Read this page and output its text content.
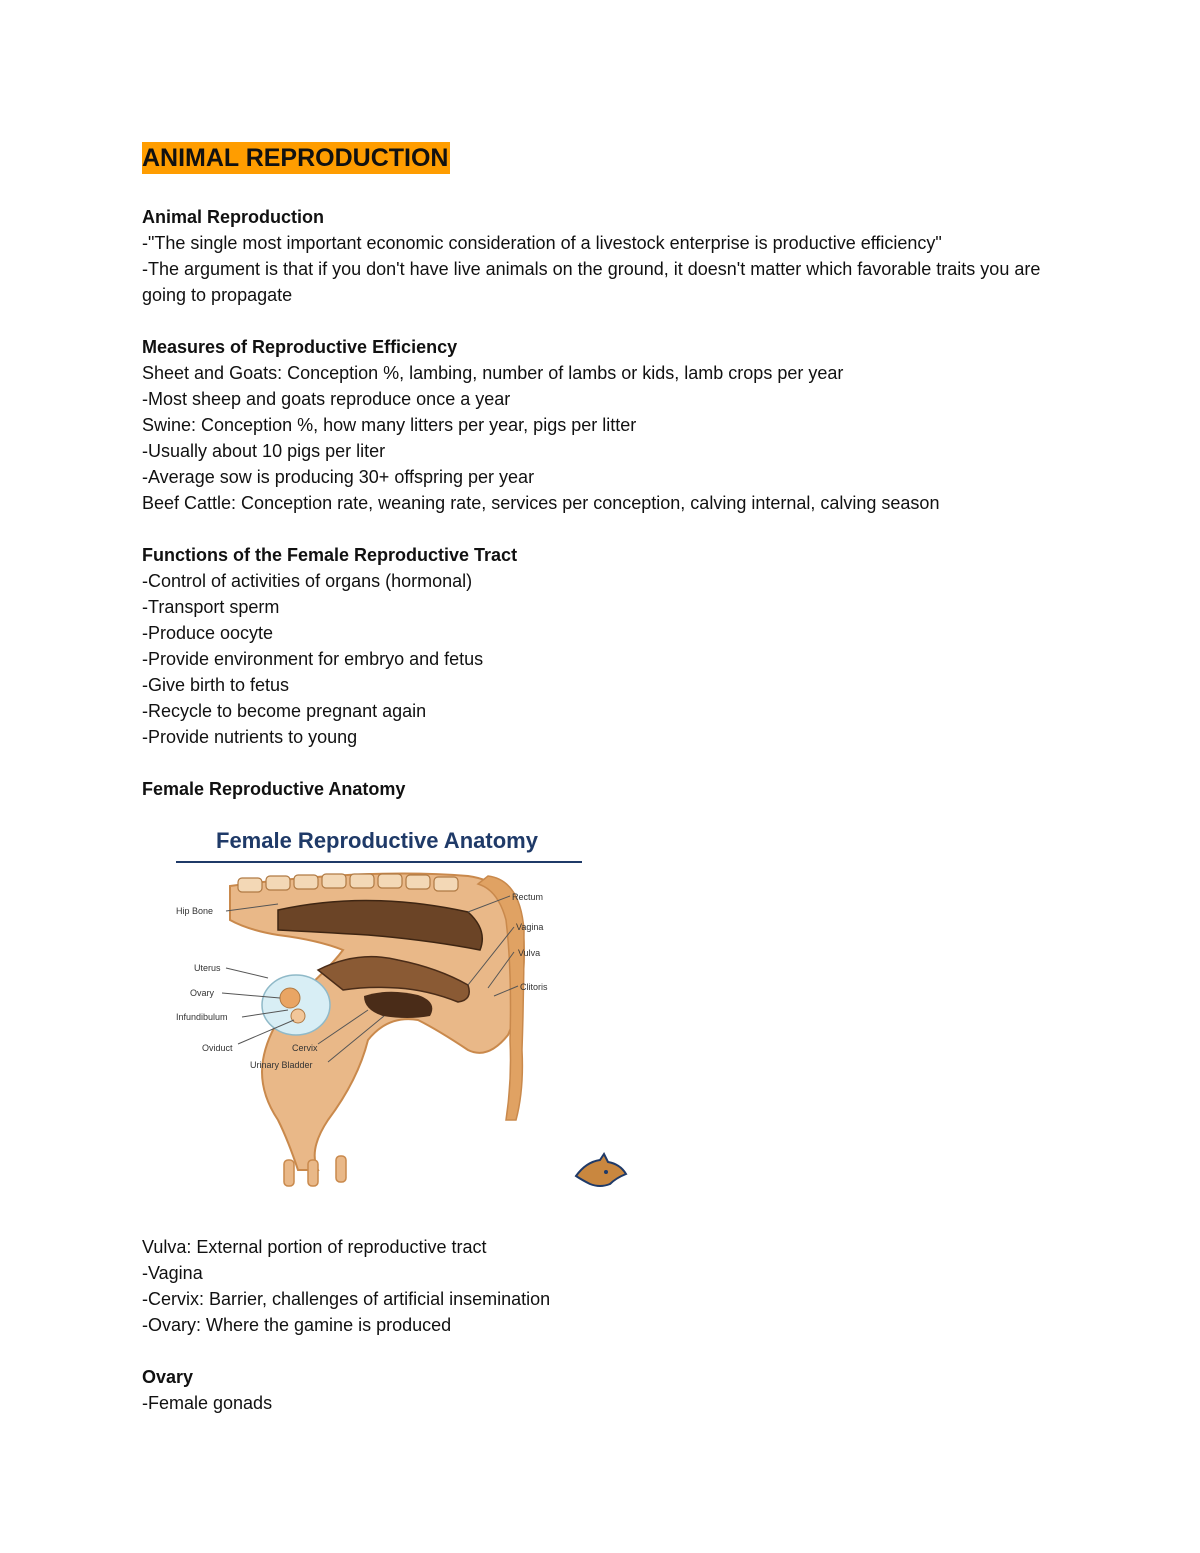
ANIMAL REPRODUCTION

Animal Reproduction

-"The single most important economic consideration of a livestock enterprise is productive efficiency"

-The argument is that if you don't have live animals on the ground, it doesn't matter which favorable traits you are going to propagate

Measures of Reproductive Efficiency

Sheet and Goats: Conception %, lambing, number of lambs or kids, lamb crops per year

-Most sheep and goats reproduce once a year

Swine: Conception %, how many litters per year, pigs per litter

-Usually about 10 pigs per liter

-Average sow is producing 30+ offspring per year

Beef Cattle: Conception rate, weaning rate, services per conception, calving internal, calving season

Functions of the Female Reproductive Tract

-Control of activities of organs (hormonal)

-Transport sperm

-Produce oocyte

-Provide environment for embryo and fetus

-Give birth to fetus

-Recycle to become pregnant again

-Provide nutrients to young

Female Reproductive Anatomy

Female Reproductive Anatomy
Hip Bone
Uterus
Ovary
Infundibulum
Oviduct	Cervix
Urinary Bladder
Rectum
Vagina
Vulva
Clitoris

Vulva: External portion of reproductive tract

-Vagina

-Cervix: Barrier, challenges of artificial insemination

-Ovary: Where the gamine is produced

Ovary

-Female gonads
